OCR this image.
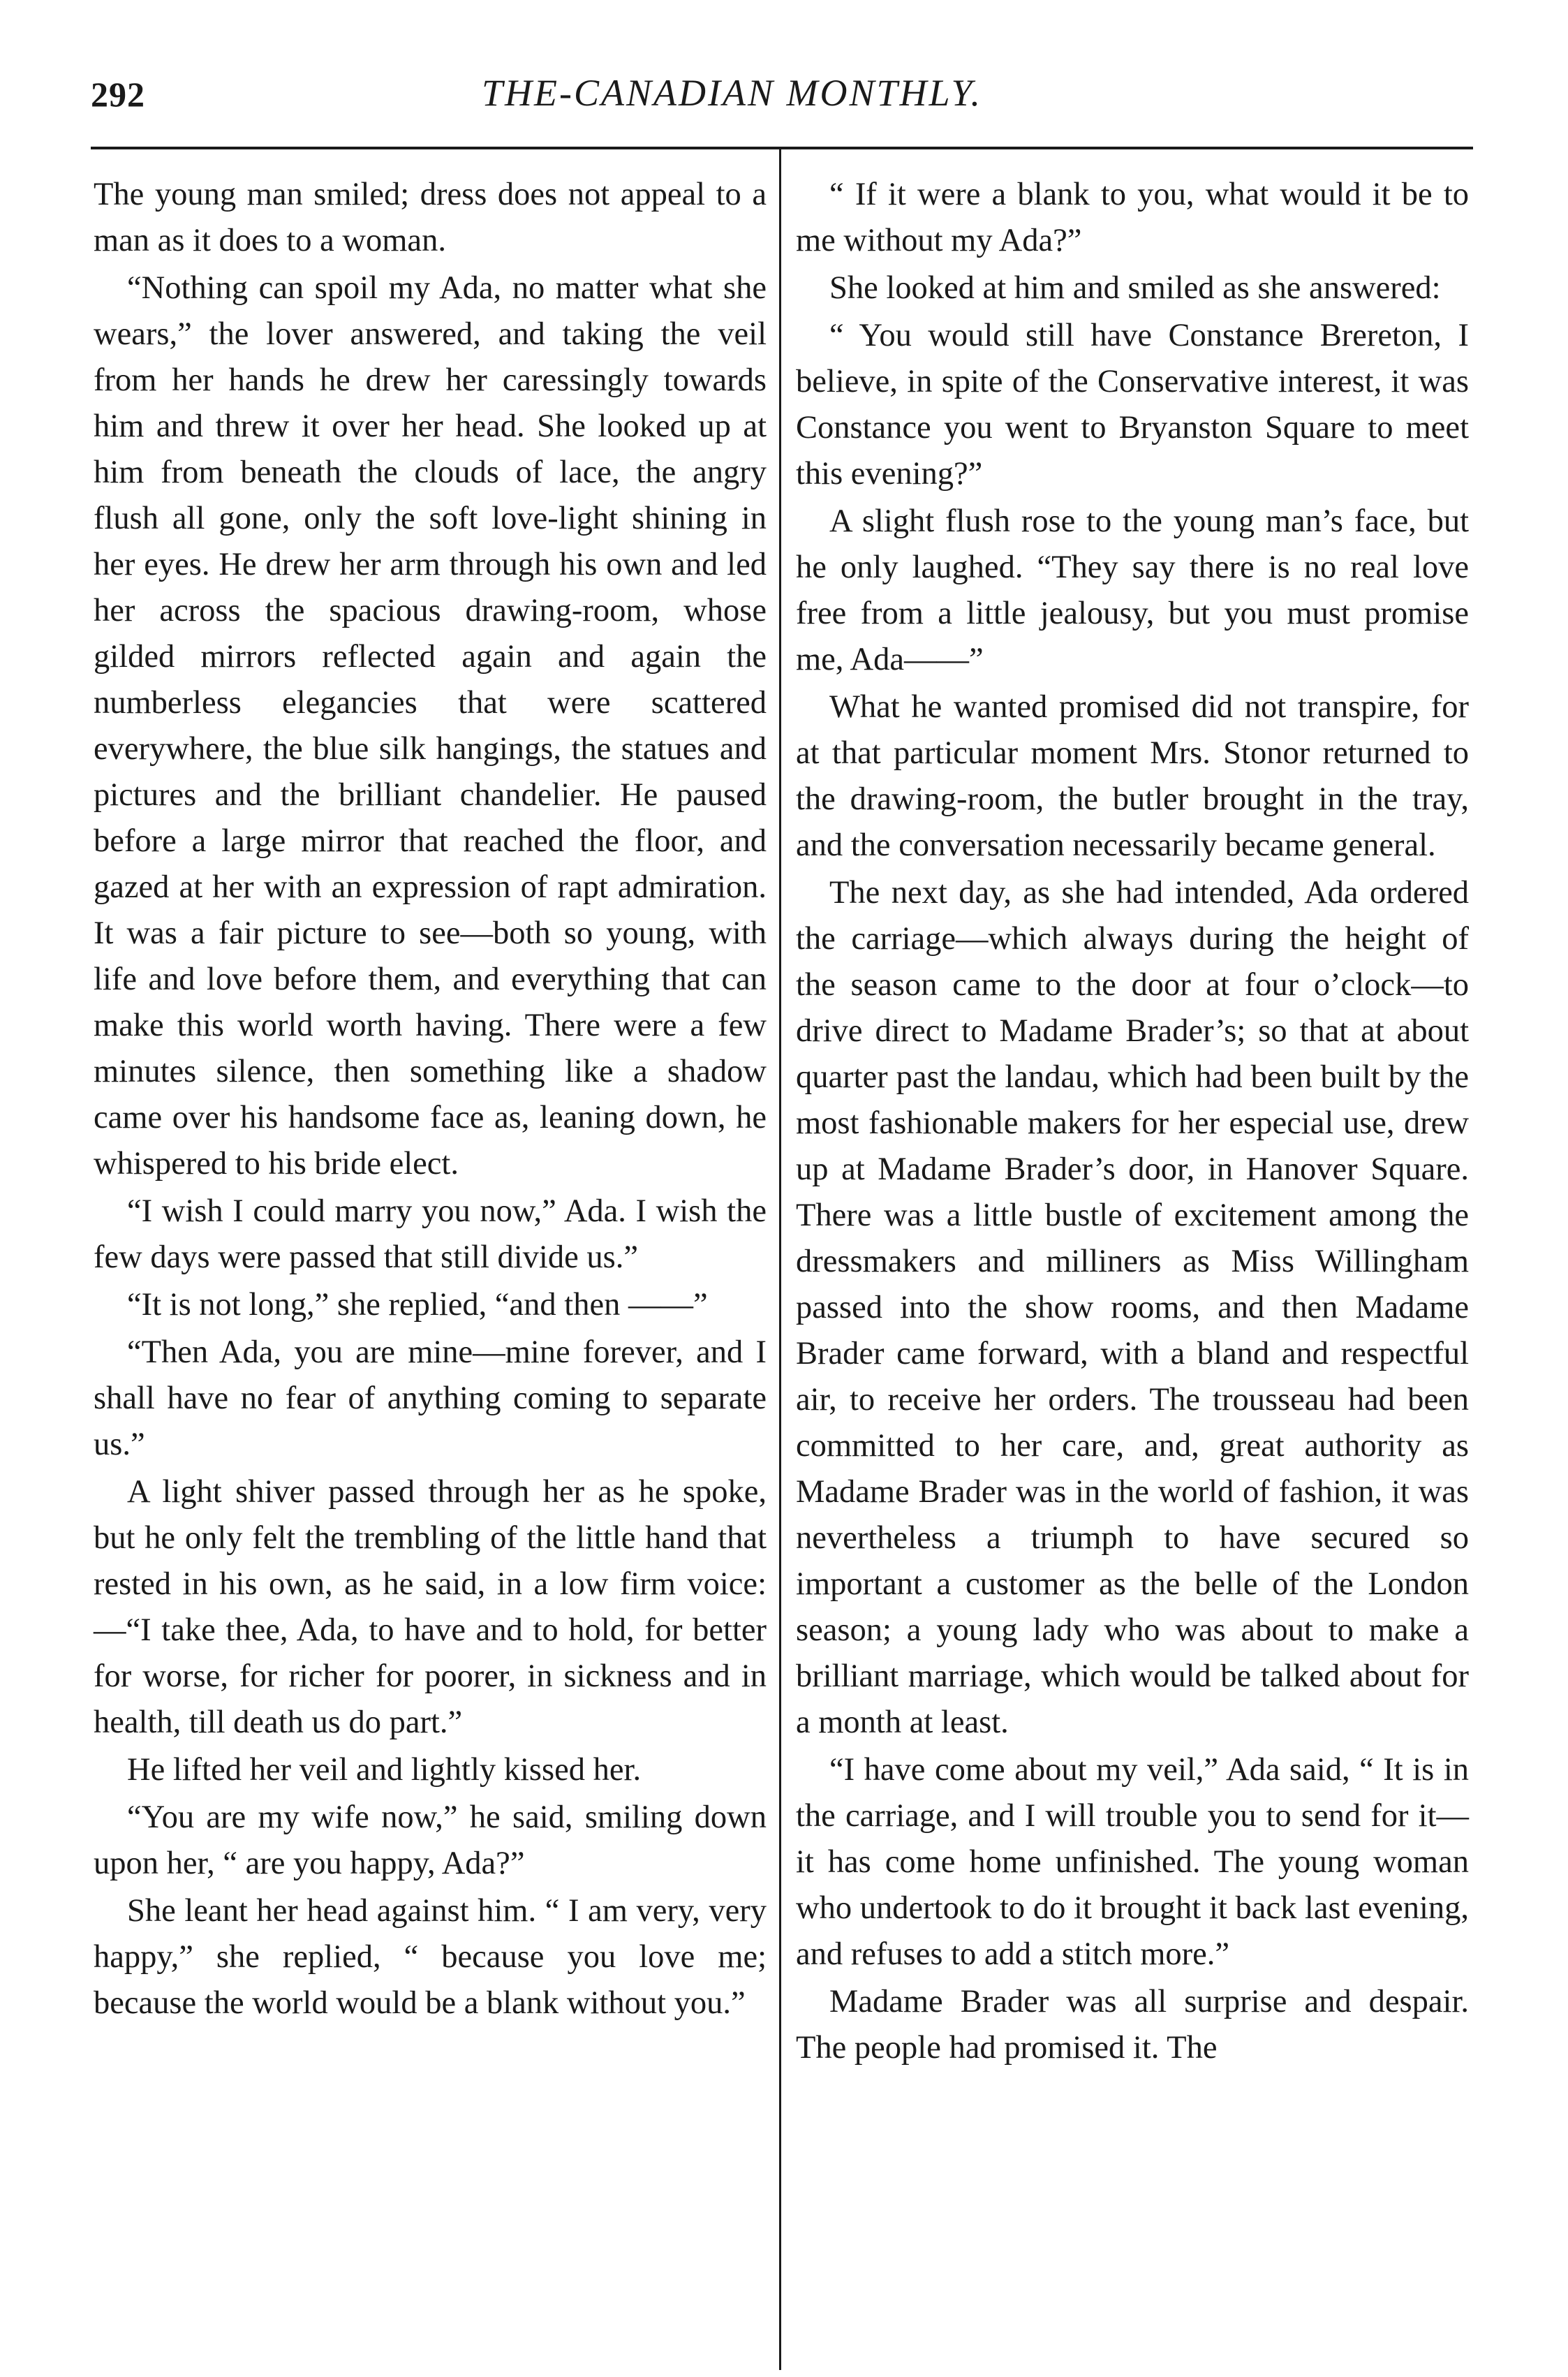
292	THE-CANADIAN MONTHLY.

The young man smiled; dress does not appeal to a man as it does to a woman.

“Nothing can spoil my Ada, no matter what she wears,” the lover answered, and taking the veil from her hands he drew her caressingly towards him and threw it over her head. She looked up at him from beneath the clouds of lace, the angry flush all gone, only the soft love-light shining in her eyes. He drew her arm through his own and led her across the spacious drawing-room, whose gilded mirrors reflected again and again the numberless elegancies that were scattered everywhere, the blue silk hangings, the statues and pictures and the brilliant chandelier. He paused before a large mirror that reached the floor, and gazed at her with an expression of rapt admiration. It was a fair picture to see—both so young, with life and love before them, and everything that can make this world worth having. There were a few minutes silence, then something like a shadow came over his handsome face as, leaning down, he whispered to his bride elect.

“I wish I could marry you now,” Ada. I wish the few days were passed that still divide us.”

“It is not long,” she replied, “and then ——”

“Then Ada, you are mine—mine forever, and I shall have no fear of anything coming to separate us.”

A light shiver passed through her as he spoke, but he only felt the trembling of the little hand that rested in his own, as he said, in a low firm voice:—“I take thee, Ada, to have and to hold, for better for worse, for richer for poorer, in sickness and in health, till death us do part.”

He lifted her veil and lightly kissed her.

“You are my wife now,” he said, smiling down upon her, “ are you happy, Ada?”

She leant her head against him. “ I am very, very happy,” she replied, “ because you love me; because the world would be a blank without you.”

“ If it were a blank to you, what would it be to me without my Ada?”

She looked at him and smiled as she answered:

“ You would still have Constance Brereton, I believe, in spite of the Conservative interest, it was Constance you went to Bryanston Square to meet this evening?”

A slight flush rose to the young man’s face, but he only laughed. “They say there is no real love free from a little jealousy, but you must promise me, Ada——”

What he wanted promised did not transpire, for at that particular moment Mrs. Stonor returned to the drawing-room, the butler brought in the tray, and the conversation necessarily became general.

The next day, as she had intended, Ada ordered the carriage—which always during the height of the season came to the door at four o’clock—to drive direct to Madame Brader’s; so that at about quarter past the landau, which had been built by the most fashionable makers for her especial use, drew up at Madame Brader’s door, in Hanover Square. There was a little bustle of excitement among the dressmakers and milliners as Miss Willingham passed into the show rooms, and then Madame Brader came forward, with a bland and respectful air, to receive her orders. The trousseau had been committed to her care, and, great authority as Madame Brader was in the world of fashion, it was nevertheless a triumph to have secured so important a customer as the belle of the London season; a young lady who was about to make a brilliant marriage, which would be talked about for a month at least.

“I have come about my veil,” Ada said, “ It is in the carriage, and I will trouble you to send for it—it has come home unfinished. The young woman who undertook to do it brought it back last evening, and refuses to add a stitch more.”

Madame Brader was all surprise and despair. The people had promised it. The
